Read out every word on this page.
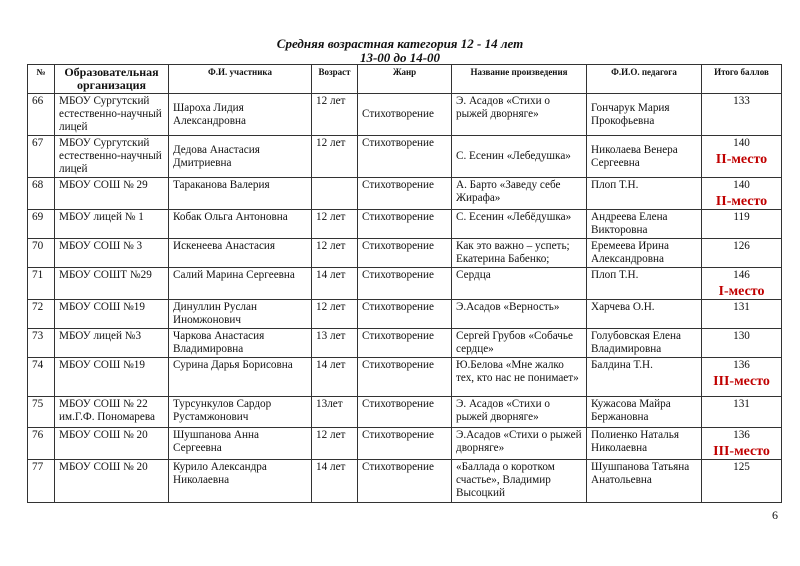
Средняя возрастная категория 12 - 14 лет
13-00 до 14-00
№	Образовательная организация	Ф.И. участника	Возраст	Жанр	Название произведения	Ф.И.О. педагога	Итого баллов
66	МБОУ Сургутский естественно-научный лицей	Шароха Лидия Александровна	12 лет	Стихотворение	Э. Асадов «Стихи о рыжей дворняге»	Гончарук Мария Прокофьевна	133
67	МБОУ Сургутский естественно-научный лицей	Дедова Анастасия Дмитриевна	12 лет	Стихотворение	С. Есенин «Лебедушка»	Николаева Венера Сергеевна	140
II-место

68	МБОУ СОШ № 29	Тараканова Валерия		Стихотворение	А. Барто «Заведу себе Жирафа»	Плоп Т.Н.	140
II-место

69	МБОУ лицей № 1	Кобак Ольга Антоновна	12 лет	Стихотворение	С. Есенин «Лебёдушка»	Андреева Елена Викторовна	119
70	МБОУ СОШ № 3	Искенеева Анастасия	12 лет	Стихотворение	Как это важно – успеть; Екатерина Бабенко;	Еремеева Ирина Александровна	126
71	МБОУ СОШТ №29	Салий Марина Сергеевна	14 лет	Стихотворение	Сердца	Плоп Т.Н.	146
I-место

72	МБОУ СОШ №19	Динуллин Руслан Иномжонович	12 лет	Стихотворение	Э.Асадов «Верность»	Харчева О.Н.	131
73	МБОУ лицей №3	Чаркова Анастасия Владимировна	13 лет	Стихотворение	Сергей Грубов «Собачье сердце»	Голубовская Елена Владимировна	130
74	МБОУ СОШ №19	Сурина Дарья Борисовна	14 лет	Стихотворение	Ю.Белова «Мне жалко тех, кто нас не понимает»	Балдина Т.Н.	136
III-место

75	МБОУ СОШ № 22 им.Г.Ф. Пономарева	Турсункулов Сардор Рустамжонович	13лет	Стихотворение	Э. Асадов «Стихи о рыжей дворняге»	Кужасова Майра Бержановна	131
76	МБОУ СОШ № 20	Шушпанова Анна Сергеевна	12 лет	Стихотворение	Э.Асадов «Стихи о рыжей дворняге»	Полиенко Наталья Николаевна	136
III-место

77	МБОУ СОШ № 20	Курило Александра Николаевна	14 лет	Стихотворение	«Баллада о коротком счастье», Владимир Высоцкий	Шушпанова Татьяна Анатольевна	125
6
